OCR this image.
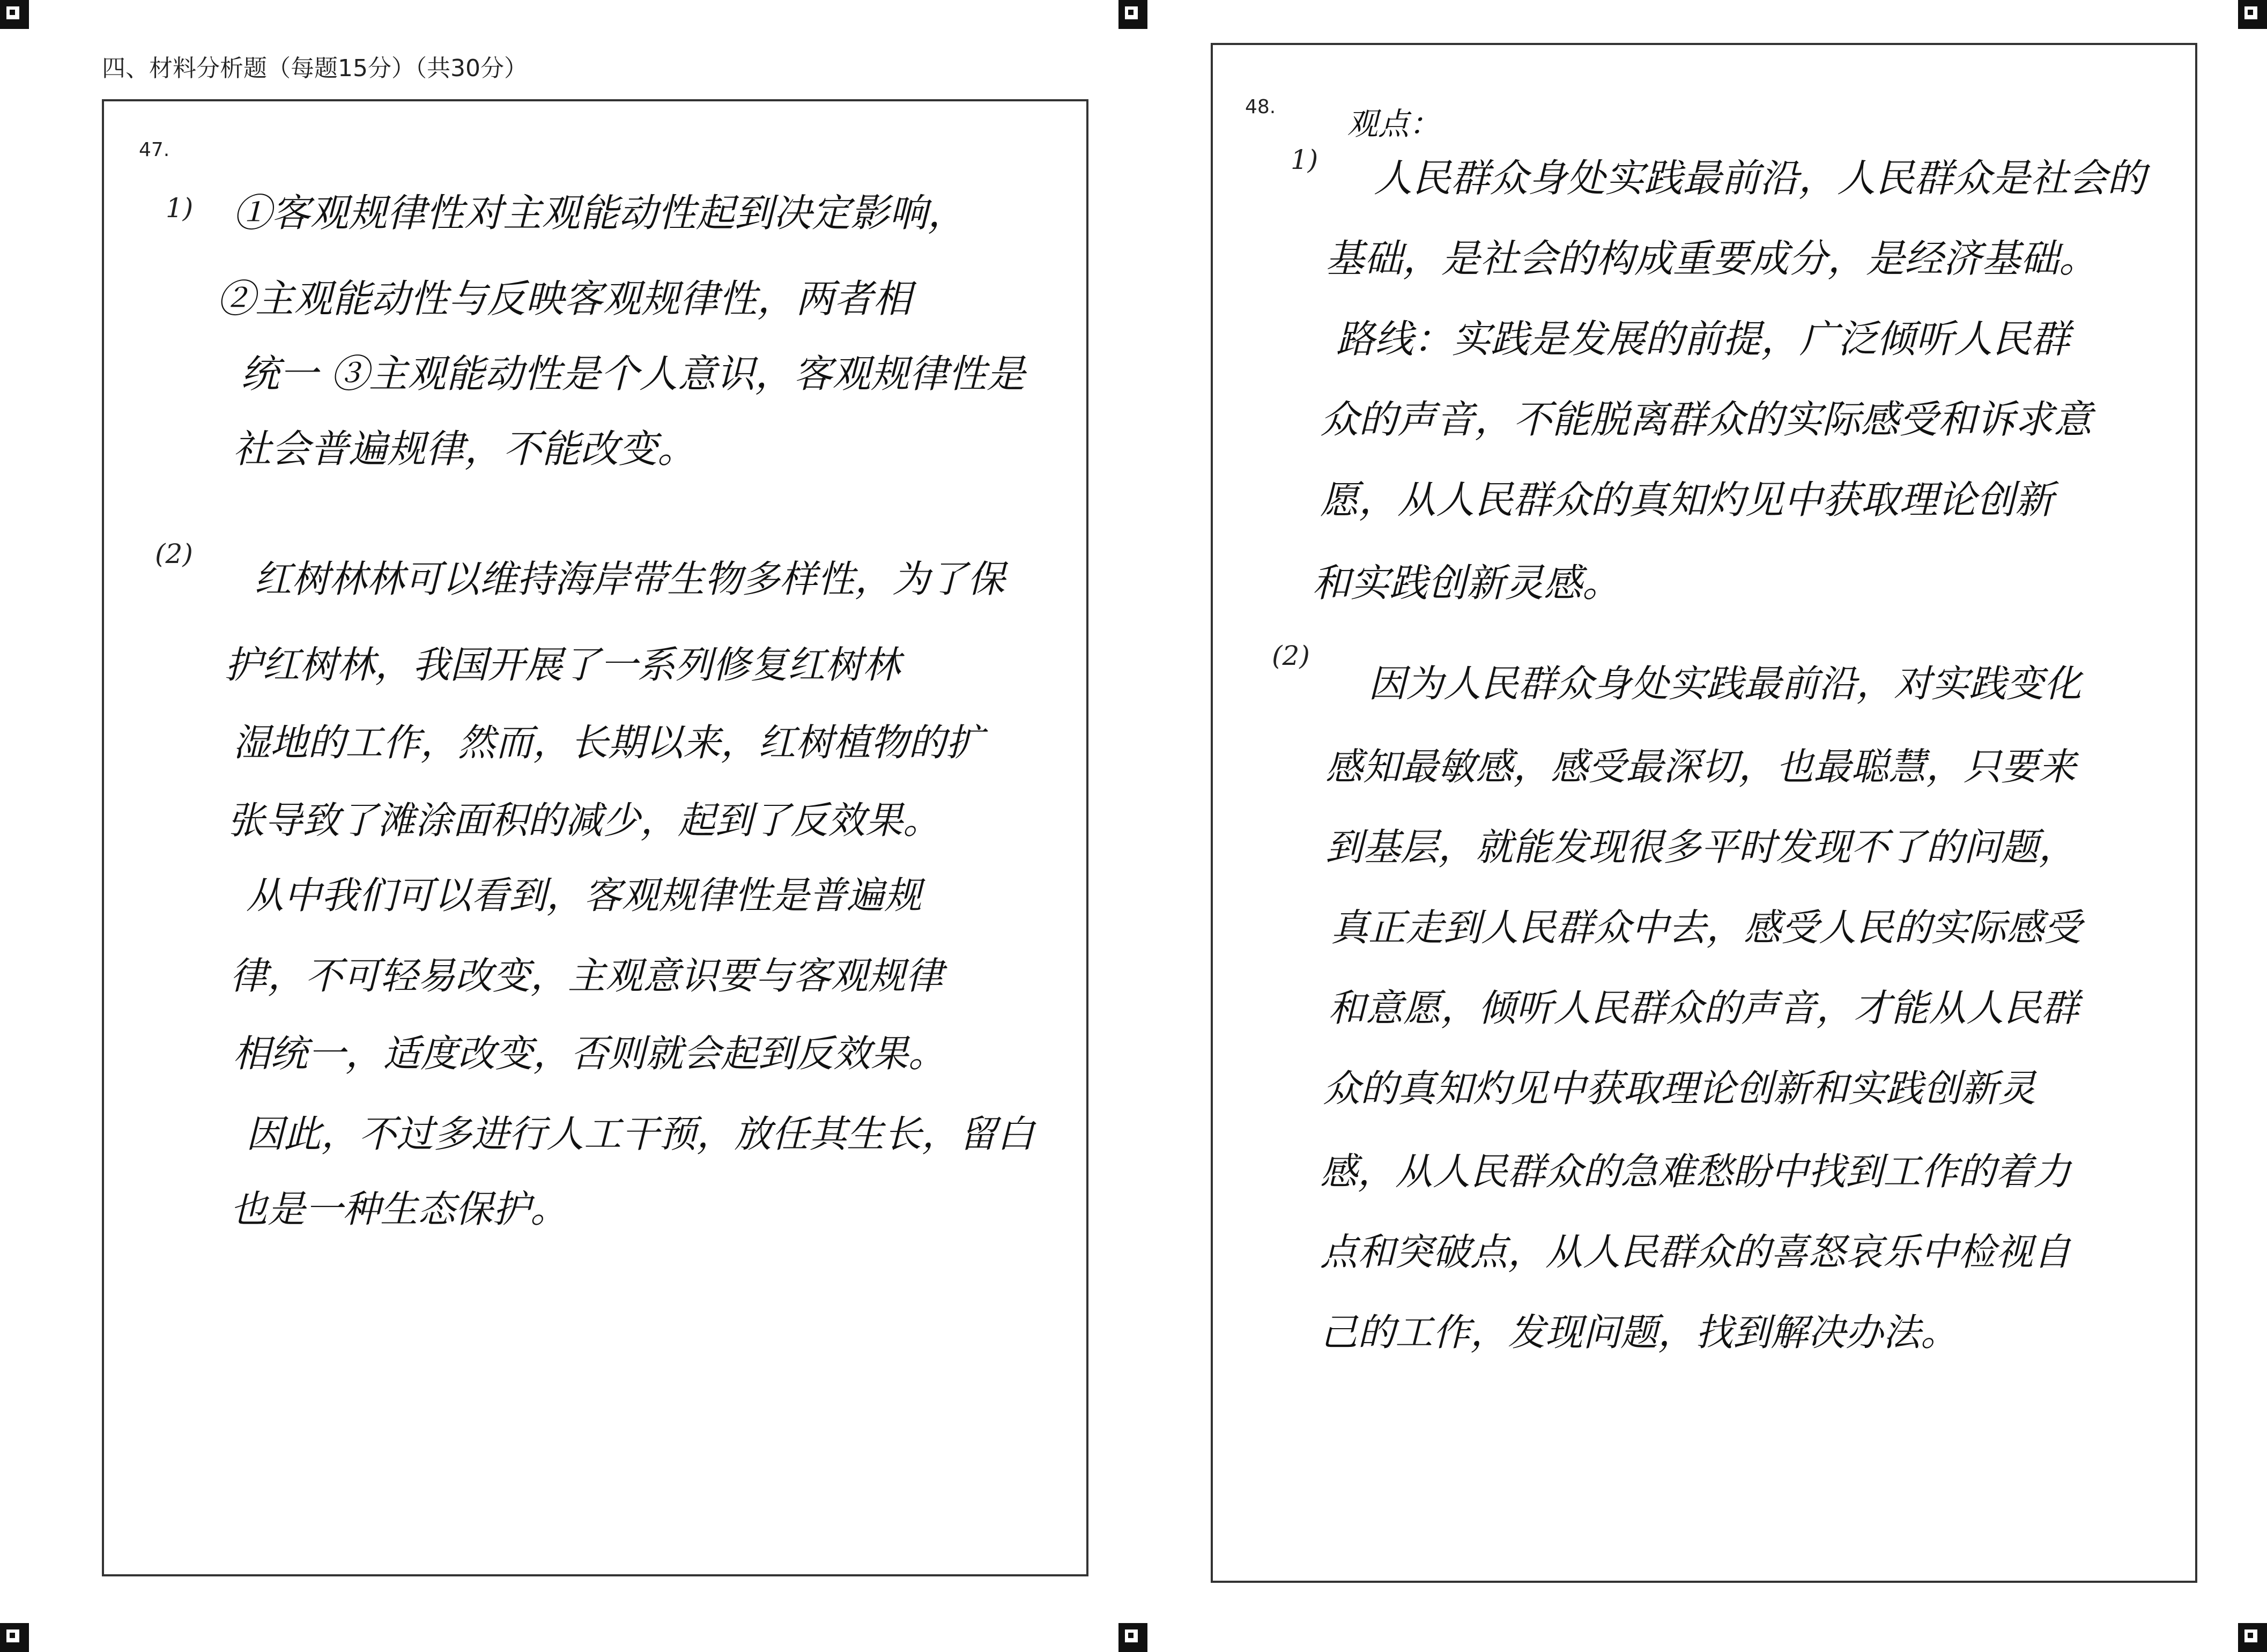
四、材料分析题（每题15分）（共30分）
47.
1) ①客观规律性对主观能动性起到决定影响，
②主观能动性与反映客观规律性，两者相
统一 ③主观能动性是个人意识，客观规律性是
社会普遍规律，不能改变。
(2)
红树林林可以维持海岸带生物多样性，为了保
护红树林，我国开展了一系列修复红树林
湿地的工作，然而，长期以来，红树植物的扩
张导致了滩涂面积的减少，起到了反效果。
从中我们可以看到，客观规律性是普遍规
律，不可轻易改变，主观意识要与客观规律
相统一，适度改变，否则就会起到反效果。
因此，不过多进行人工干预，放任其生长，留白
也是一种生态保护。
48. 观点：
1) 人民群众身处实践最前沿，人民群众是社会的
基础，是社会的构成重要成分，是经济基础。
路线：实践是发展的前提，广泛倾听人民群
众的声音，不能脱离群众的实际感受和诉求意
愿，从人民群众的真知灼见中获取理论创新
和实践创新灵感。
(2)
因为人民群众身处实践最前沿，对实践变化
感知最敏感，感受最深切，也最聪慧，只要来
到基层，就能发现很多平时发现不了的问题，
真正走到人民群众中去，感受人民的实际感受
和意愿，倾听人民群众的声音，才能从人民群
众的真知灼见中获取理论创新和实践创新灵
感，从人民群众的急难愁盼中找到工作的着力
点和突破点，从人民群众的喜怒哀乐中检视自
己的工作，发现问题，找到解决办法。
